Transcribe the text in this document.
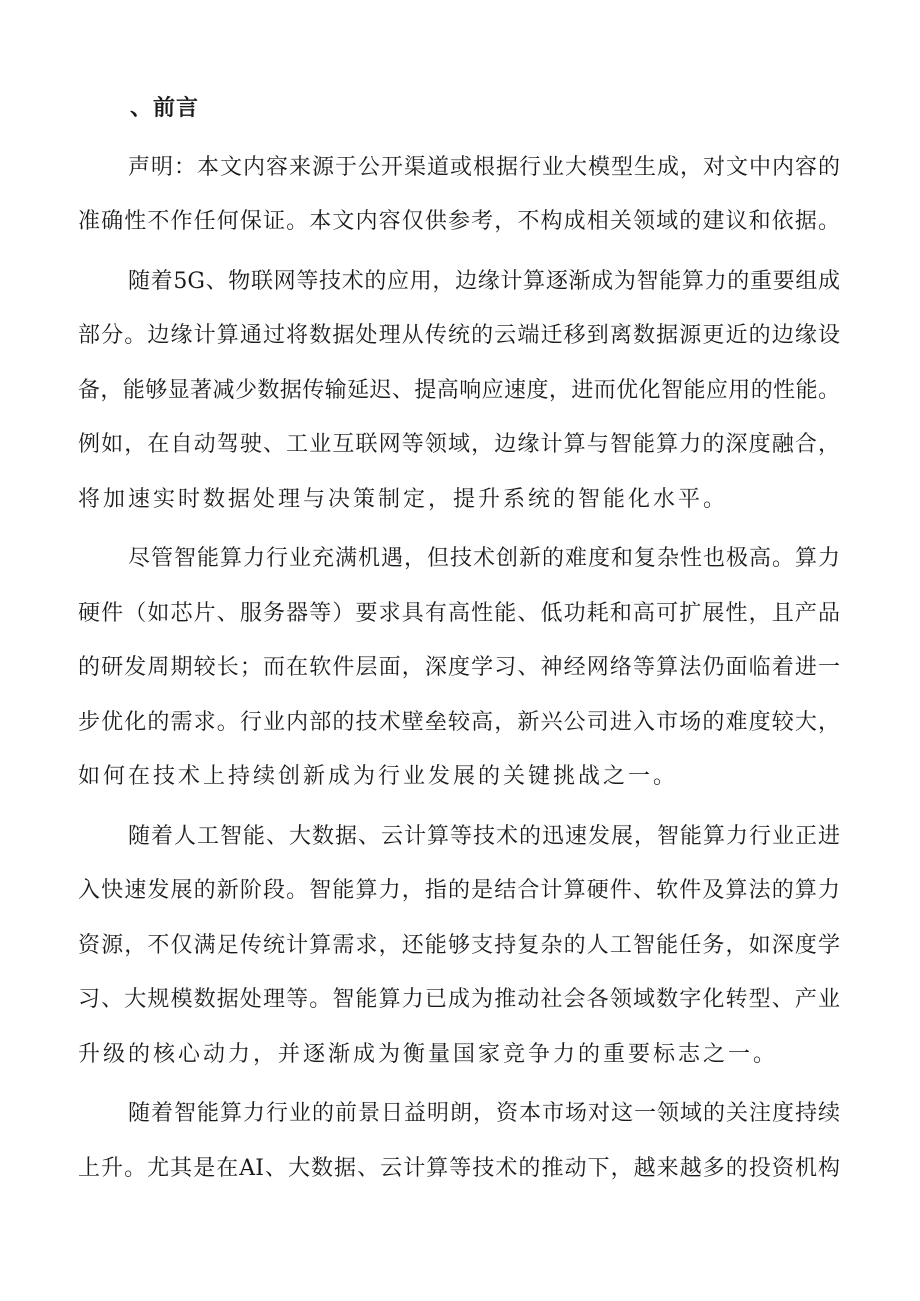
、前言
声明：本文内容来源于公开渠道或根据行业大模型生成，对文中内容的
准确性不作任何保证。本文内容仅供参考，不构成相关领域的建议和依据。
随着5G、物联网等技术的应用，边缘计算逐渐成为智能算力的重要组成
部分。边缘计算通过将数据处理从传统的云端迁移到离数据源更近的边缘设
备，能够显著减少数据传输延迟、提高响应速度，进而优化智能应用的性能。
例如，在自动驾驶、工业互联网等领域，边缘计算与智能算力的深度融合，
将加速实时数据处理与决策制定，提升系统的智能化水平。
尽管智能算力行业充满机遇，但技术创新的难度和复杂性也极高。算力
硬件（如芯片、服务器等）要求具有高性能、低功耗和高可扩展性，且产品
的研发周期较长；而在软件层面，深度学习、神经网络等算法仍面临着进一
步优化的需求。行业内部的技术壁垒较高，新兴公司进入市场的难度较大，
如何在技术上持续创新成为行业发展的关键挑战之一。
随着人工智能、大数据、云计算等技术的迅速发展，智能算力行业正进
入快速发展的新阶段。智能算力，指的是结合计算硬件、软件及算法的算力
资源，不仅满足传统计算需求，还能够支持复杂的人工智能任务，如深度学
习、大规模数据处理等。智能算力已成为推动社会各领域数字化转型、产业
升级的核心动力，并逐渐成为衡量国家竞争力的重要标志之一。
随着智能算力行业的前景日益明朗，资本市场对这一领域的关注度持续
上升。尤其是在AI、大数据、云计算等技术的推动下，越来越多的投资机构
